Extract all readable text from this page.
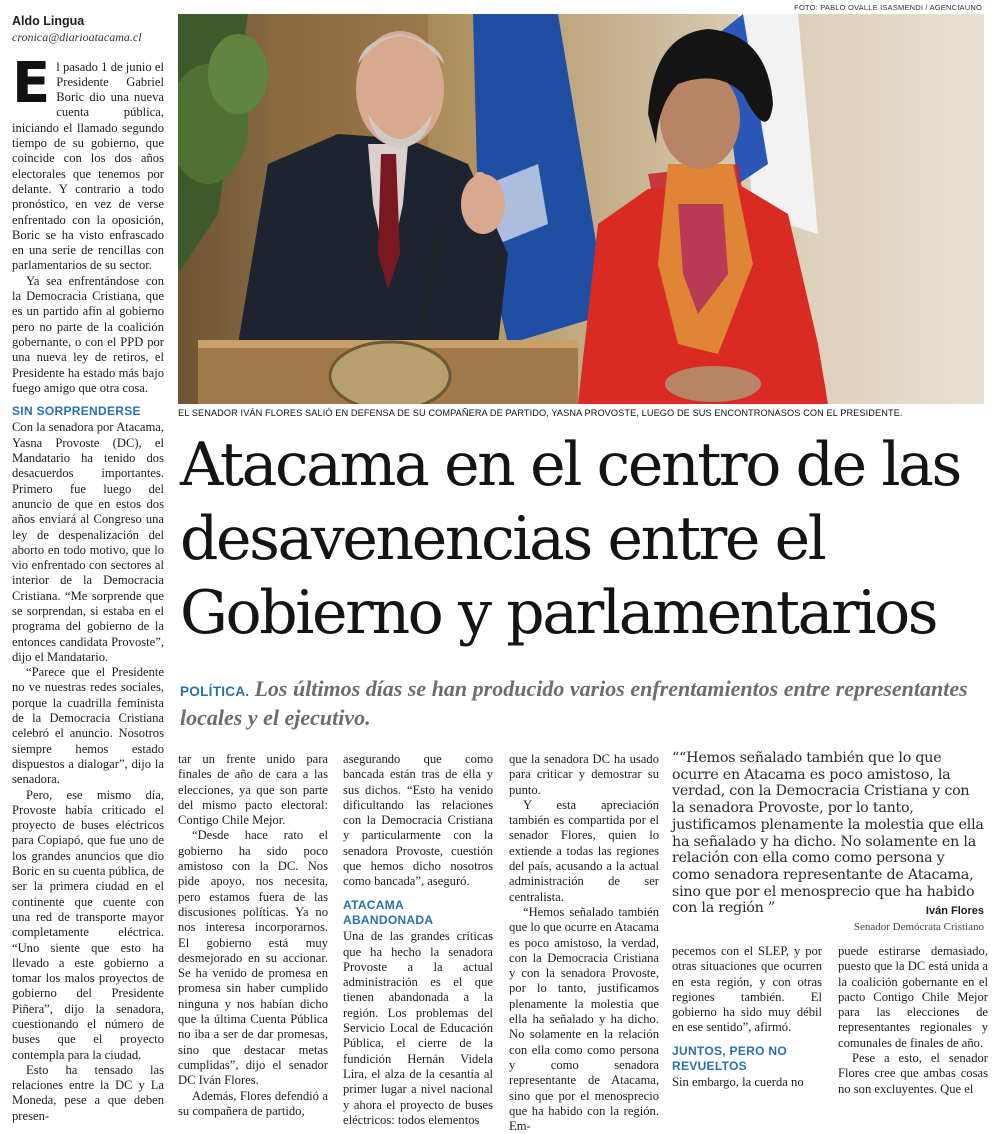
Aldo Lingua
cronica@diarioatacama.cl

El pasado 1 de junio el Presidente Gabriel Boric dio una nueva cuenta pública, iniciando el llamado segundo tiempo de su gobierno, que coincide con los dos años electorales que tenemos por delante. Y contrario a todo pronóstico, en vez de verse enfrentado con la oposición, Boric se ha visto enfrascado en una serie de rencillas con parlamentarios de su sector.

Ya sea enfrentándose con la Democracia Cristiana, que es un partido afín al gobierno pero no parte de la coalición gobernante, o con el PPD por una nueva ley de retiros, el Presidente ha estado más bajo fuego amigo que otra cosa.

SIN SORPRENDERSE

Con la senadora por Atacama, Yasna Provoste (DC), el Mandatario ha tenido dos desacuerdos importantes. Primero fue luego del anuncio de que en estos dos años enviará al Congreso una ley de despenalización del aborto en todo motivo, que lo vio enfrentado con sectores al interior de la Democracia Cristiana. “Me sorprende que se sorprendan, si estaba en el programa del gobierno de la entonces candidata Provoste”, dijo el Mandatario.

“Parece que el Presidente no ve nuestras redes sociales, porque la cuadrilla feminista de la Democracia Cristiana celebró el anuncio. Nosotros siempre hemos estado dispuestos a dialogar”, dijo la senadora.

Pero, ese mismo día, Provoste había criticado el proyecto de buses eléctricos para Copiapó, que fue uno de los grandes anuncios que dio Boric en su cuenta pública, de ser la primera ciudad en el continente que cuente con una red de transporte mayor completamente eléctrica. “Uno siente que esto ha llevado a este gobierno a tomar los malos proyectos de gobierno del Presidente Piñera”, dijo la senadora, cuestionando el número de buses que el proyecto contempla para la ciudad.

Esto ha tensado las relaciones entre la DC y La Moneda, pese a que deben presen-

FOTO: PABLO OVALLE ISASMENDI / AGENCIAUNO
EL SENADOR IVÁN FLORES SALIÓ EN DEFENSA DE SU COMPAÑERA DE PARTIDO, YASNA PROVOSTE, LUEGO DE SUS ENCONTRONASOS CON EL PRESIDENTE.
Atacama en el centro de las
desavenencias entre el
Gobierno y parlamentarios
POLÍTICA. Los últimos días se han producido varios enfrentamientos entre representantes locales y el ejecutivo.

tar un frente unido para finales de año de cara a las elecciones, ya que son parte del mismo pacto electoral: Contigo Chile Mejor.

“Desde hace rato el gobierno ha sido poco amistoso con la DC. Nos pide apoyo, nos necesita, pero estamos fuera de las discusiones políticas. Ya no nos interesa incorporarnos. El gobierno está muy desmejorado en su accionar. Se ha venido de promesa en promesa sin haber cumplido ninguna y nos habían dicho que la última Cuenta Pública no iba a ser de dar promesas, sino que destacar metas cumplidas”, dijo el senador DC Iván Flores.

Además, Flores defendió a su compañera de partido,

asegurando que como bancada están tras de ella y sus dichos. “Esto ha venido dificultando las relaciones con la Democracia Cristiana y particularmente con la senadora Provoste, cuestión que hemos dicho nosotros como bancada”, aseguró.

ATACAMA ABANDONADA

Una de las grandes críticas que ha hecho la senadora Provoste a la actual administración es el que tienen abandonada a la región. Los problemas del Servicio Local de Educación Pública, el cierre de la fundición Hernán Videla Lira, el alza de la cesantía al primer lugar a nivel nacional y ahora el proyecto de buses eléctricos: todos elementos

que la senadora DC ha usado para criticar y demostrar su punto.

Y esta apreciación también es compartida por el senador Flores, quien lo extiende a todas las regiones del país, acusando a la actual administración de ser centralista.

“Hemos señalado también que lo que ocurre en Atacama es poco amistoso, la verdad, con la Democracia Cristiana y con la senadora Provoste, por lo tanto, justificamos plenamente la molestia que ella ha señalado y ha dicho. No solamente en la relación con ella como como persona y como senadora representante de Atacama, sino que por el menosprecio que ha habido con la región. Em-

““Hemos señalado también que lo que ocurre en Atacama es poco amistoso, la verdad, con la Democracia Cristiana y con la senadora Provoste, por lo tanto, justificamos plenamente la molestia que ella ha señalado y ha dicho. No solamente en la relación con ella como como persona y como senadora representante de Atacama, sino que por el menosprecio que ha habido con la región ”	Iván Flores
Senador Demócrata Cristiano

pecemos con el SLEP, y por otras situaciones que ocurren en esta región, y con otras regiones también. El gobierno ha sido muy débil en ese sentido”, afirmó.

JUNTOS, PERO NO REVUELTOS

Sin embargo, la cuerda no

puede estirarse demasiado, puesto que la DC está unida a la coalición gobernante en el pacto Contigo Chile Mejor para las elecciones de representantes regionales y comunales de finales de año.

Pese a esto, el senador Flores cree que ambas cosas no son excluyentes. Que el
